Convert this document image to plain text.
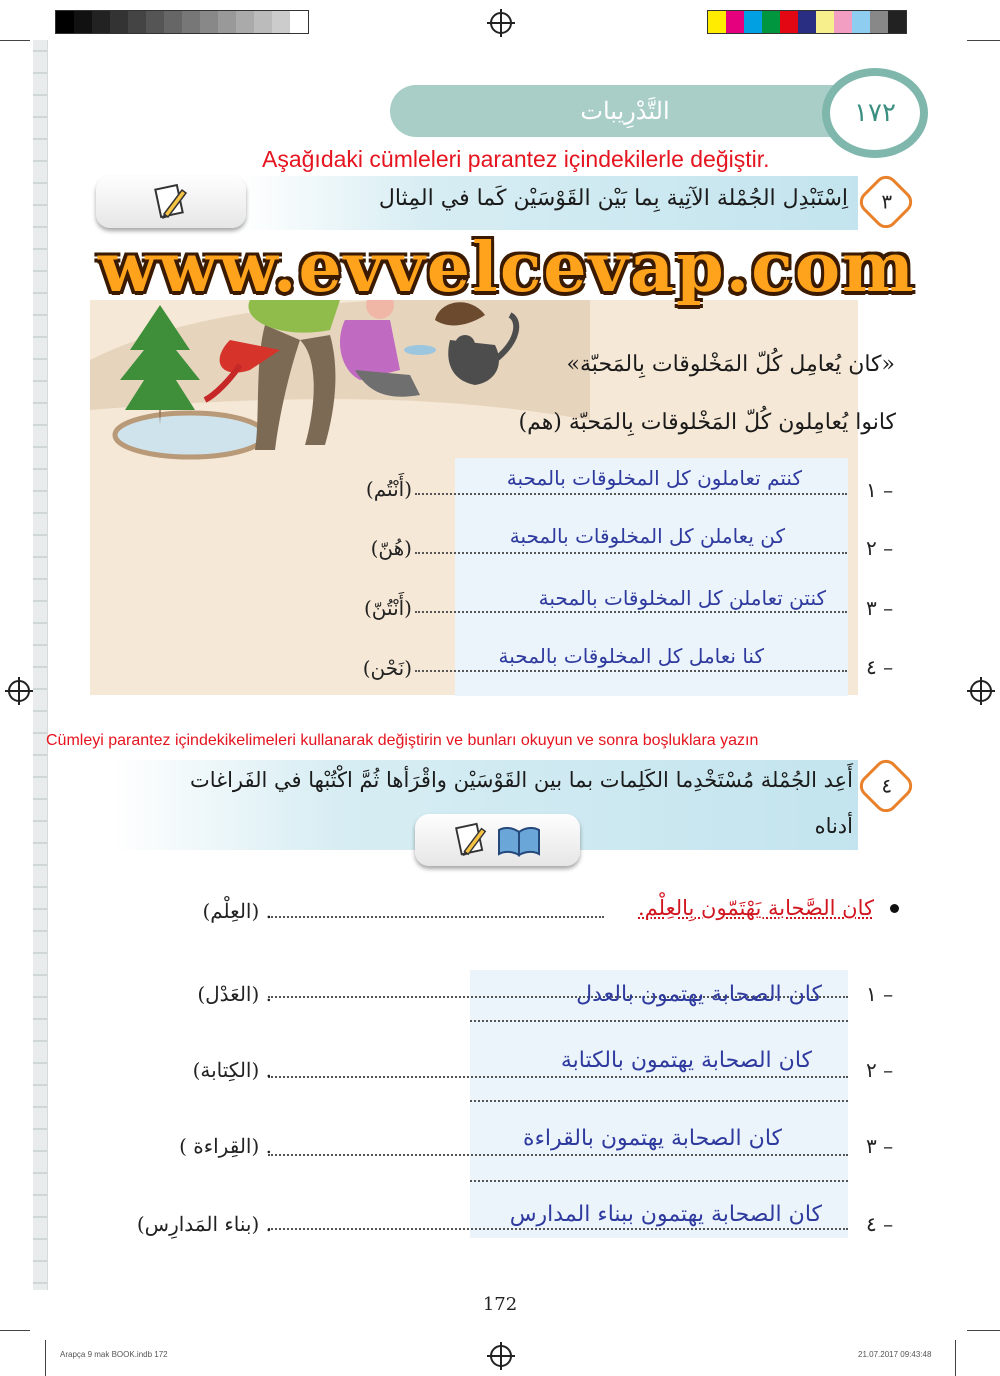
التَّدْرِيبات	١٧٢
Aşağıdaki cümleleri parantez içindekilerle değiştir.
٣
اِسْتَبْدِل الجُمْلة الآتِية بِما بَيْن القَوْسَيْن كَما في المِثال
«كان يُعامِل كُلّ المَخْلوقات بِالمَحبّة»
كانوا يُعامِلون كُلّ المَخْلوقات بِالمَحبّة (هم)
١ –
كنتم تعاملون كل المخلوقات بالمحبة
(أَنْتُم)
٢ –
كن يعاملن كل المخلوقات بالمحبة
(هُنّ)
٣ –
كنتن تعاملن كل المخلوقات بالمحبة
(أَنْتُنّ)
٤ –
كنا نعامل كل المخلوقات بالمحبة
(نَحْن)
www.evvelcevap.com
Cümleyi parantez içindekikelimeleri kullanarak değiştirin ve bunları okuyun ve sonra boşluklara yazın
٤
أَعِد الجُمْلة مُسْتَخْدِما الكَلِمات بما بين القَوْسَيْن واقْرَأها ثُمَّ اكْتُبْها في الفَراغات
أدناه
كان الصَّحابة يَهْتَمّون بِالعِلْم.
. (العِلْم)
١ –
كان الصحابة يهتمون بالعدل
. (العَدْل)
٢ –
كان الصحابة يهتمون بالكتابة
. (الكِتابة)
٣ –
كان الصحابة يهتمون بالقراءة
. (القِراءة )
٤ –
كان الصحابة يهتمون ببناء المدارس
. (بناء المَدارِس)
172
Arapça 9 mak BOOK.indb 172	21.07.2017 09:43:48
